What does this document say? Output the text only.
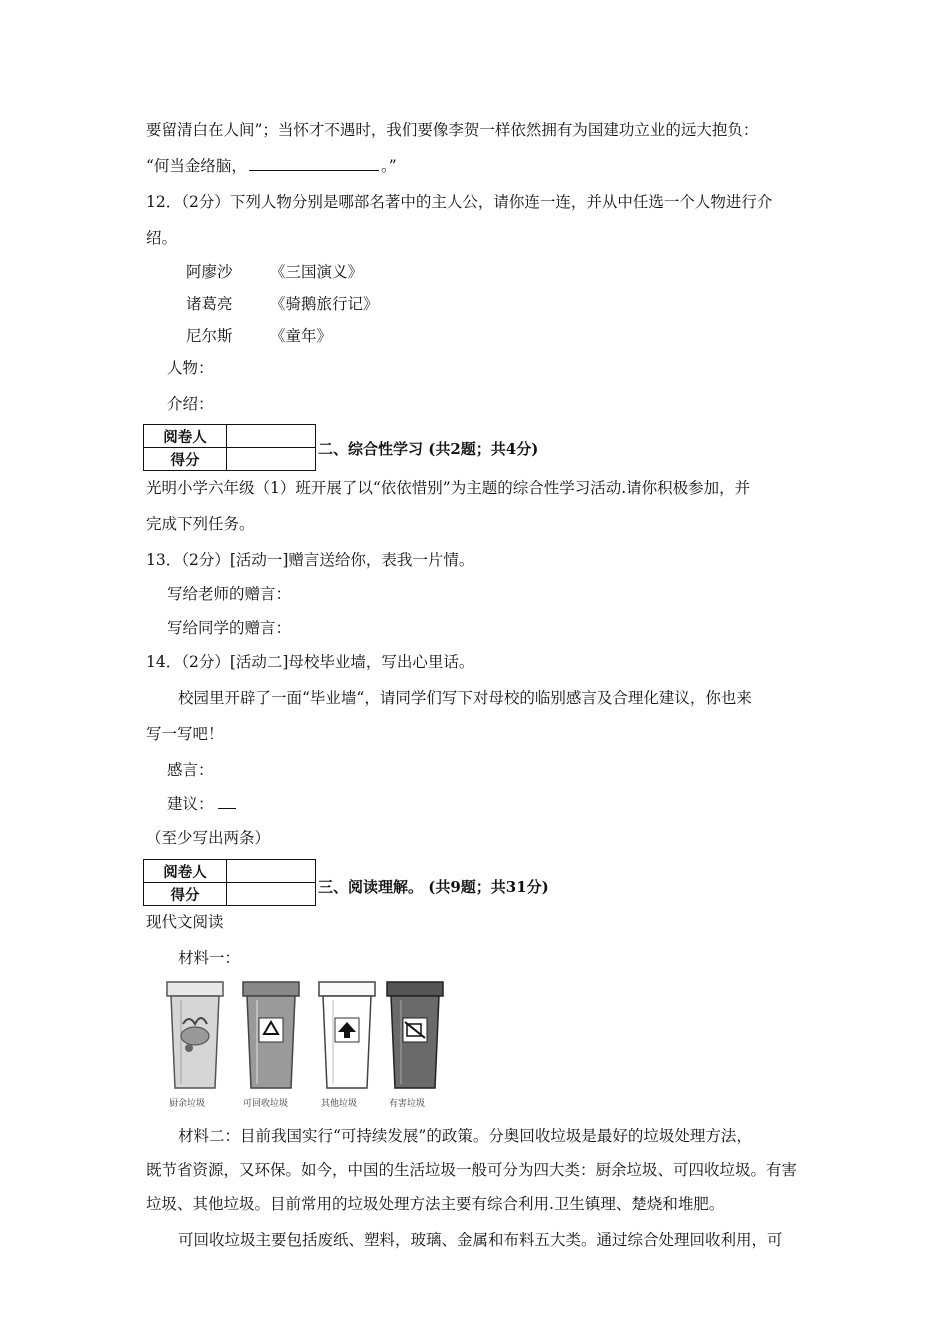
要留清白在人间”；当怀才不遇时，我们要像李贺一样依然拥有为国建功立业的远大抱负：
“何当金络脑，	。”
12．（2分）下列人物分别是哪部名著中的主人公，请你连一连，并从中任选一个人物进行介
绍。
阿廖沙 《三国演义》
诸葛亮 《骑鹅旅行记》
尼尔斯 《童年》
人物：
介绍：
阅卷人	
得分	
二、综合性学习 (共2题；共4分)
光明小学六年级（1）班开展了以“依依惜别”为主题的综合性学习活动.请你积极参加，并
完成下列任务。
13．（2分）[活动一]赠言送给你，表我一片情。
写给老师的赠言：
写给同学的赠言：
14．（2分）[活动二]母校毕业墙，写出心里话。
校园里开辟了一面“毕业墙“，请同学们写下对母校的临别感言及合理化建议，你也来
写一写吧！
感言：
建议：
（至少写出两条）
阅卷人	
得分		三、阅读理解。 (共9题；共31分)
现代文阅读
材料一：
厨余垃圾	可回收垃圾	其他垃圾	有害垃圾
材料二：目前我国实行“可持续发展”的政策。分奥回收垃圾是最好的垃圾处理方法，
既节省资源，又环保。如今，中国的生活垃圾一般可分为四大类：厨余垃圾、可四收垃圾。有害
垃圾、其他垃圾。目前常用的垃圾处理方法主要有综合利用.卫生镇理、楚烧和堆肥。
可回收垃圾主要包括废纸、塑料，玻璃、金属和布料五大类。通过综合处理回收利用，可
